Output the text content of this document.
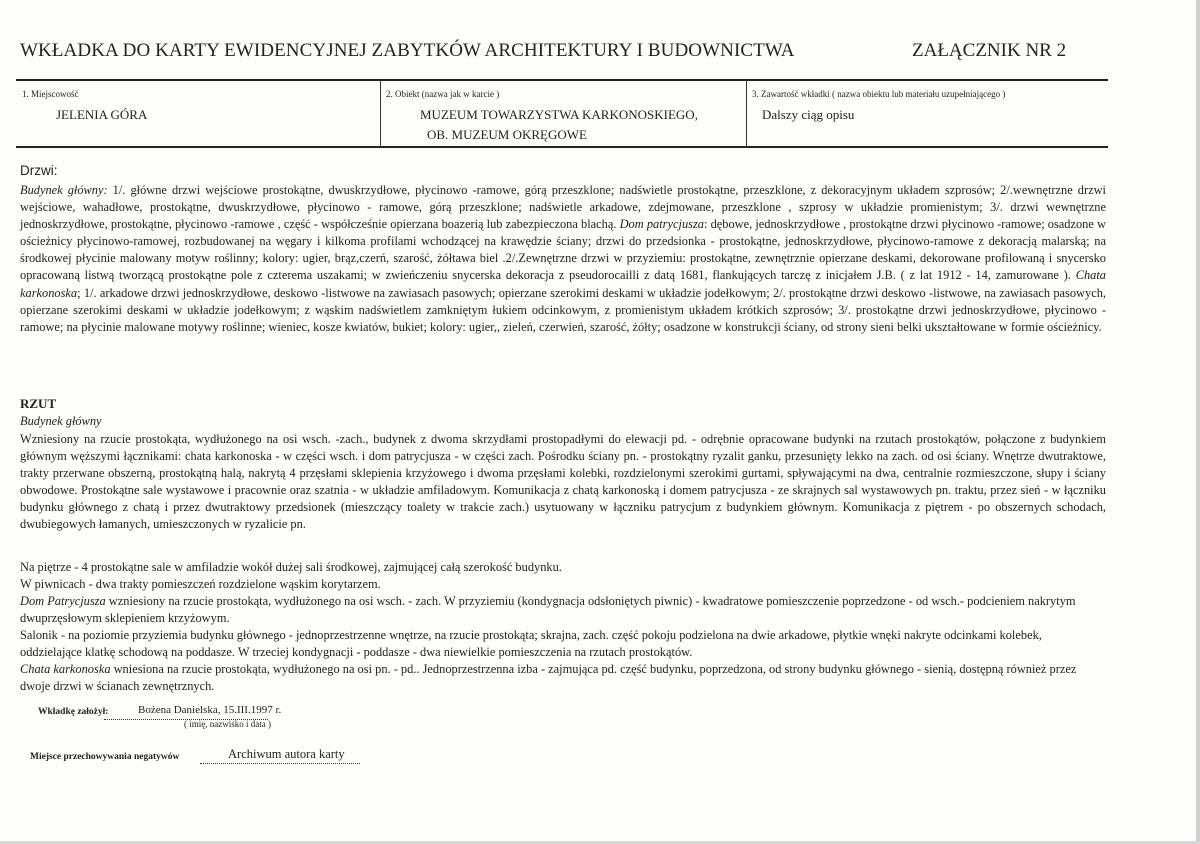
WKŁADKA DO KARTY EWIDENCYJNEJ ZABYTKÓW ARCHITEKTURY I BUDOWNICTWA	ZAŁĄCZNIK NR 2
1. Miejscowość
JELENIA GÓRA
2. Obiekt (nazwa jak w karcie )
MUZEUM TOWARZYSTWA KARKONOSKIEGO,
OB. MUZEUM OKRĘGOWE
3. Zawartość wkładki ( nazwa obiektu lub materiału uzupełniającego )
Dalszy ciąg opisu
Drzwi:

Budynek główny: 1/. główne drzwi wejściowe prostokątne, dwuskrzydłowe, płycinowo -ramowe, górą przeszklone; nadświetle prostokątne, przeszklone, z dekoracyjnym układem szprosów; 2/.wewnętrzne drzwi wejściowe, wahadłowe, prostokątne, dwuskrzydłowe, płycinowo - ramowe, górą przeszklone; nadświetle arkadowe, zdejmowane, przeszklone , szprosy w układzie promienistym; 3/. drzwi wewnętrzne jednoskrzydłowe, prostokątne, płycinowo -ramowe , część - współcześnie opierzana boazerią lub zabezpieczona blachą. Dom patrycjusza: dębowe, jednoskrzydłowe , prostokątne drzwi płycinowo -ramowe; osadzone w ościeżnicy płycinowo-ramowej, rozbudowanej na węgary i kilkoma profilami wchodzącej na krawędzie ściany; drzwi do przedsionka - prostokątne, jednoskrzydłowe, płycinowo-ramowe z dekoracją malarską; na środkowej płycinie malowany motyw roślinny; kolory: ugier, brąz,czerń, szarość, żółtawa biel .2/.Zewnętrzne drzwi w przyziemiu: prostokątne, zewnętrznie opierzane deskami, dekorowane profilowaną i snycersko opracowaną listwą tworzącą prostokątne pole z czterema uszakami; w zwieńczeniu snycerska dekoracja z pseudorocailli z datą 1681, flankujących tarczę z inicjałem J.B. ( z lat 1912 - 14, zamurowane ). Chata karkonoska; 1/. arkadowe drzwi jednoskrzydłowe, deskowo -listwowe na zawiasach pasowych; opierzane szerokimi deskami w układzie jodełkowym; 2/. prostokątne drzwi deskowo -listwowe, na zawiasach pasowych, opierzane szerokimi deskami w układzie jodełkowym; z wąskim nadświetlem zamkniętym łukiem odcinkowym, z promienistym układem krótkich szprosów; 3/. prostokątne drzwi jednoskrzydłowe, płycinowo -ramowe; na płycinie malowane motywy roślinne; wieniec, kosze kwiatów, bukiet; kolory: ugier,, zieleń, czerwień, szarość, żółty; osadzone w konstrukcji ściany, od strony sieni belki ukształtowane w formie ościeżnicy.

RZUT
Budynek główny

Wzniesiony na rzucie prostokąta, wydłużonego na osi wsch. -zach., budynek z dwoma skrzydłami prostopadłymi do elewacji pd. - odrębnie opracowane budynki na rzutach prostokątów, połączone z budynkiem głównym węższymi łącznikami: chata karkonoska - w części wsch. i dom patrycjusza - w części zach. Pośrodku ściany pn. - prostokątny ryzalit ganku, przesunięty lekko na zach. od osi ściany. Wnętrze dwutraktowe, trakty przerwane obszerną, prostokątną halą, nakrytą 4 przęsłami sklepienia krzyżowego i dwoma przęsłami kolebki, rozdzielonymi szerokimi gurtami, spływającymi na dwa, centralnie rozmieszczone, słupy i ściany obwodowe. Prostokątne sale wystawowe i pracownie oraz szatnia - w układzie amfiladowym. Komunikacja z chatą karkonoską i domem patrycjusza - ze skrajnych sal wystawowych pn. traktu, przez sień - w łączniku budynku głównego z chatą i przez dwutraktowy przedsionek (mieszczący toalety w trakcie zach.) usytuowany w łączniku patrycjum z budynkiem głównym. Komunikacja z piętrem - po obszernych schodach, dwubiegowych łamanych, umieszczonych w ryzalicie pn.

Na piętrze - 4 prostokątne sale w amfiladzie wokół dużej sali środkowej, zajmującej całą szerokość budynku.
W piwnicach - dwa trakty pomieszczeń rozdzielone wąskim korytarzem.

Dom Patrycjusza wzniesiony na rzucie prostokąta, wydłużonego na osi wsch. - zach. W przyziemiu (kondygnacja odsłoniętych piwnic) - kwadratowe pomieszczenie poprzedzone - od wsch.- podcieniem nakrytym dwuprzęsłowym sklepieniem krzyżowym.

Salonik - na poziomie przyziemia budynku głównego - jednoprzestrzenne wnętrze, na rzucie prostokąta; skrajna, zach. część pokoju podzielona na dwie arkadowe, płytkie wnęki nakryte odcinkami kolebek, oddzielające klatkę schodową na poddasze. W trzeciej kondygnacji - poddasze - dwa niewielkie pomieszczenia na rzutach prostokątów.

Chata karkonoska wniesiona na rzucie prostokąta, wydłużonego na osi pn. - pd.. Jednoprzestrzenna izba - zajmująca pd. część budynku, poprzedzona, od strony budynku głównego - sienią, dostępną również przez dwoje drzwi w ścianach zewnętrznych.

Wkładkę założył:	Bożena Danielska, 15.III.1997 r.
( imię, nazwisko i data )
Miejsce przechowywania negatywów	Archiwum autora karty
